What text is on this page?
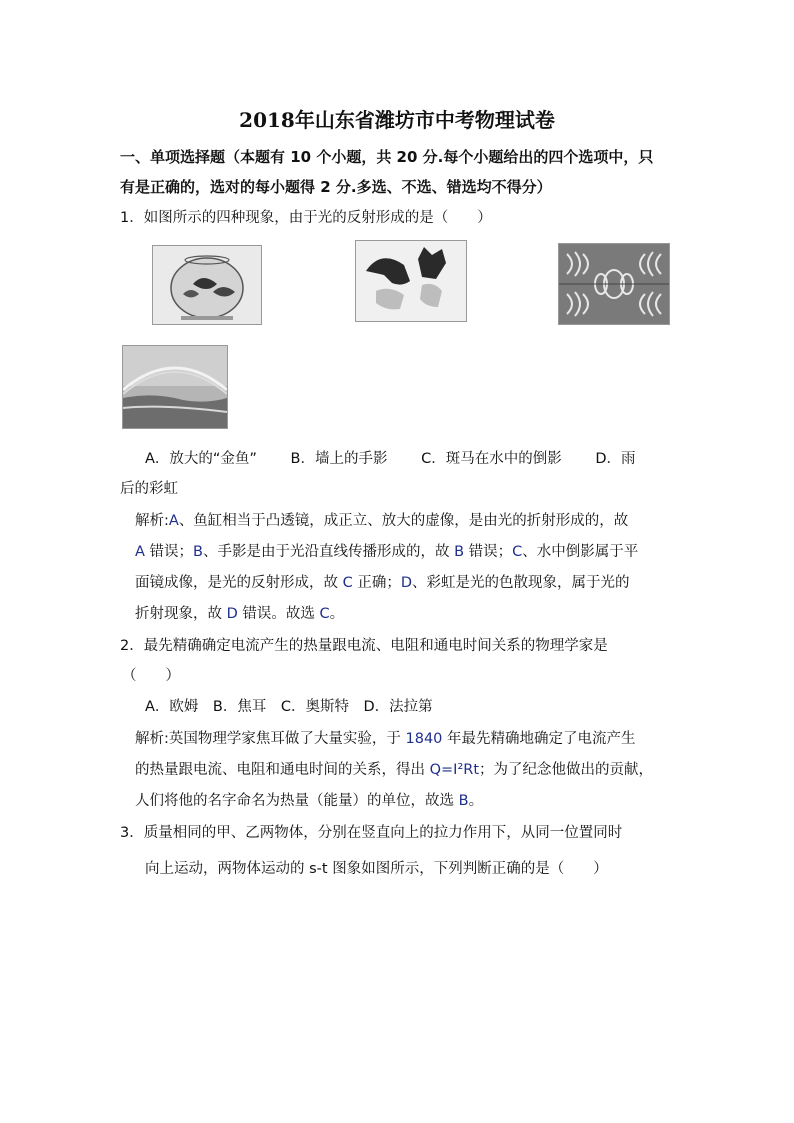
2018年山东省潍坊市中考物理试卷
一、单项选择题（本题有 10 个小题，共 20 分.每个小题给出的四个选项中，只
有是正确的，选对的每小题得 2 分.多选、不选、错选均不得分）
1．如图所示的四种现象，由于光的反射形成的是（　　）
A．放大的“金鱼”　　 B．墙上的手影　　 C．斑马在水中的倒影　　 D．雨
后的彩虹
解析:A、鱼缸相当于凸透镜，成正立、放大的虚像，是由光的折射形成的，故
A 错误；B、手影是由于光沿直线传播形成的，故 B 错误；C、水中倒影属于平
面镜成像，是光的反射形成，故 C 正确；D、彩虹是光的色散现象，属于光的
折射现象，故 D 错误。故选 C。
2．最先精确确定电流产生的热量跟电流、电阻和通电时间关系的物理学家是
（　　）
A．欧姆　B．焦耳　C．奥斯特　D．法拉第
解析:英国物理学家焦耳做了大量实验，于 1840 年最先精确地确定了电流产生
的热量跟电流、电阻和通电时间的关系，得出 Q=I²Rt；为了纪念他做出的贡献，
人们将他的名字命名为热量（能量）的单位，故选 B。
3．质量相同的甲、乙两物体，分别在竖直向上的拉力作用下，从同一位置同时
向上运动，两物体运动的 s-t 图象如图所示，下列判断正确的是（　　）
